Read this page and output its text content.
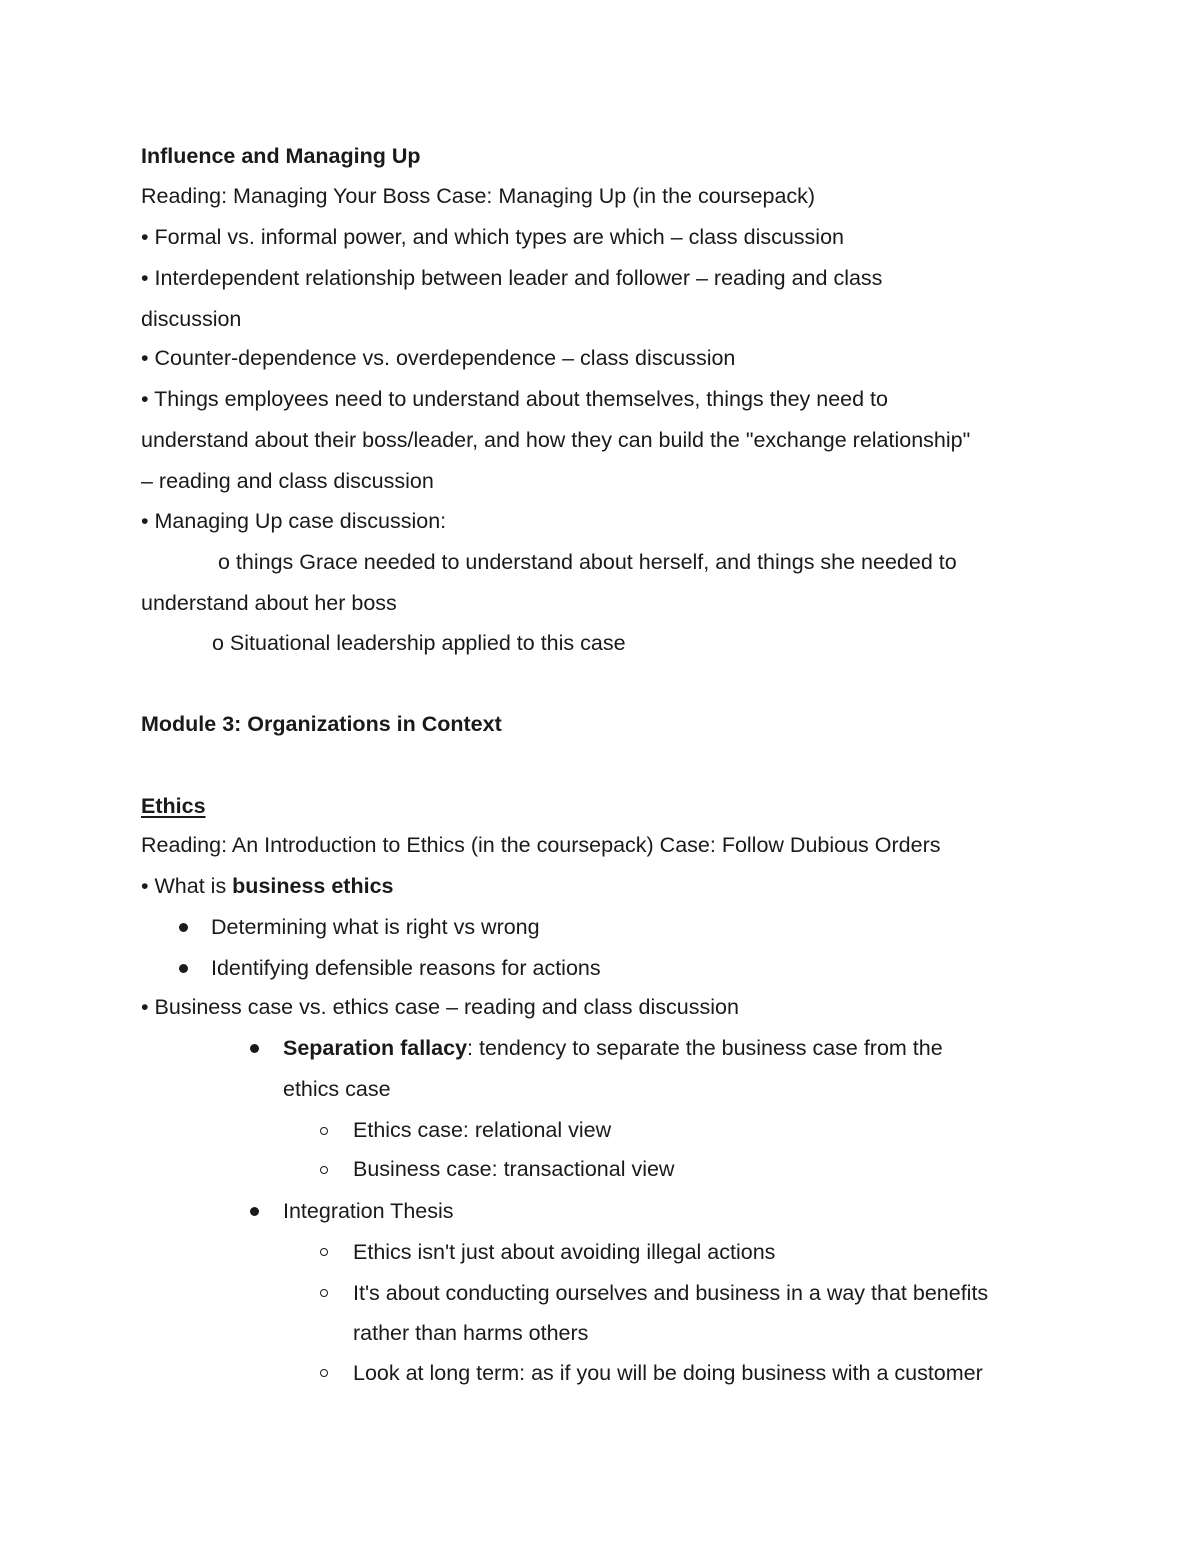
Influence and Managing Up
Reading: Managing Your Boss Case: Managing Up (in the coursepack)
• Formal vs. informal power, and which types are which – class discussion
• Interdependent relationship between leader and follower – reading and class
discussion
• Counter-dependence vs. overdependence – class discussion
• Things employees need to understand about themselves, things they need to
understand about their boss/leader, and how they can build the "exchange relationship"
– reading and class discussion
• Managing Up case discussion:
o things Grace needed to understand about herself, and things she needed to
understand about her boss
o Situational leadership applied to this case
Module 3: Organizations in Context
Ethics
Reading: An Introduction to Ethics (in the coursepack) Case: Follow Dubious Orders
• What is business ethics
Determining what is right vs wrong
Identifying defensible reasons for actions
• Business case vs. ethics case – reading and class discussion
Separation fallacy: tendency to separate the business case from the
ethics case
Ethics case: relational view
Business case: transactional view
Integration Thesis
Ethics isn't just about avoiding illegal actions
It's about conducting ourselves and business in a way that benefits
rather than harms others
Look at long term: as if you will be doing business with a customer
